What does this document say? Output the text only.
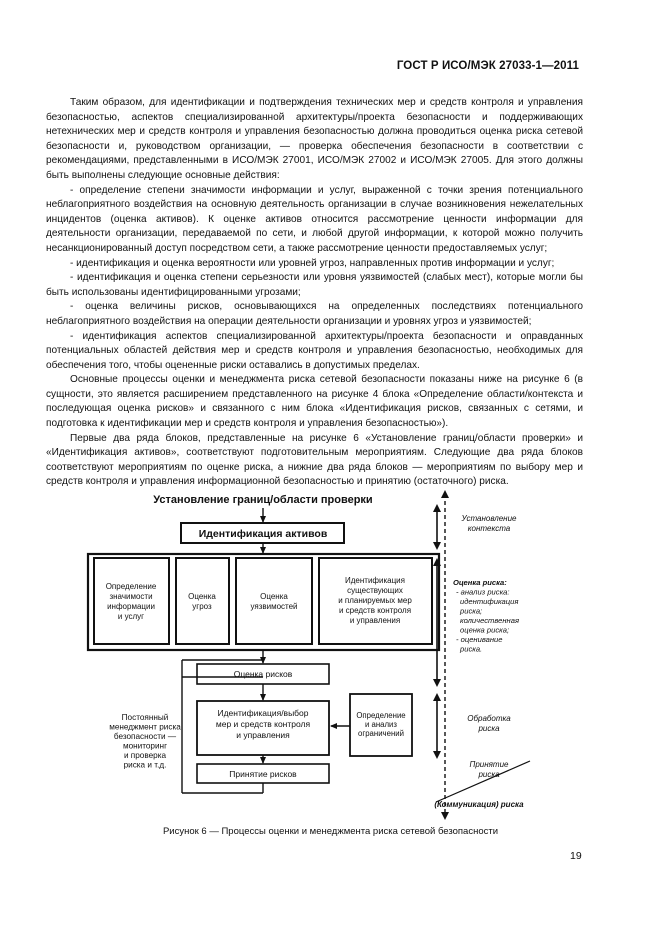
ГОСТ Р ИСО/МЭК 27033-1—2011

Таким образом, для идентификации и подтверждения технических мер и средств контроля и управления безопасностью, аспектов специализированной архитектуры/проекта безопасности и поддерживающих нетехнических мер и средств контроля и управления безопасностью должна проводиться оценка риска сетевой безопасности и, руководством организации, — проверка обеспечения безопасности в соответствии с рекомендациями, представленными в ИСО/МЭК 27001, ИСО/МЭК 27002 и ИСО/МЭК 27005. Для этого должны быть выполнены следующие основные действия:

- определение степени значимости информации и услуг, выраженной с точки зрения потенциального неблагоприятного воздействия на основную деятельность организации в случае возникновения нежелательных инцидентов (оценка активов). К оценке активов относится рассмотрение ценности информации для деятельности организации, передаваемой по сети, и любой другой информации, к которой можно получить несанкционированный доступ посредством сети, а также рассмотрение ценности предоставляемых услуг;

- идентификация и оценка вероятности или уровней угроз, направленных против информации и услуг;

- идентификация и оценка степени серьезности или уровня уязвимостей (слабых мест), которые могли бы быть использованы идентифицированными угрозами;

- оценка величины рисков, основывающихся на определенных последствиях потенциального неблагоприятного воздействия на операции деятельности организации и уровнях угроз и уязвимостей;

- идентификация аспектов специализированной архитектуры/проекта безопасности и оправданных потенциальных областей действия мер и средств контроля и управления безопасностью, необходимых для обеспечения того, чтобы оцененные риски оставались в допустимых пределах.

Основные процессы оценки и менеджмента риска сетевой безопасности показаны ниже на рисунке 6 (в сущности, это является расширением представленного на рисунке 4 блока «Определение области/контекста и последующая оценка рисков» и связанного с ним блока «Идентификация рисков, связанных с сетями, и подготовка к идентификации мер и средств контроля и управления безопасностью»).

Первые два ряда блоков, представленные на рисунке 6 «Установление границ/области проверки» и «Идентификация активов», соответствуют подготовительным мероприятиям. Следующие два ряда блоков соответствуют мероприятиям по оценке риска, а нижние два ряда блоков — мероприятиям по выбору мер и средств контроля и управления информационной безопасностью и принятию (остаточного) риска.

Установление границ/области проверки
Идентификация активов
Определение значимости информации и услуг
Оценка угроз
Оценка уязвимостей
Идентификация существующих и планируемых мер и средств контроля и управления
Оценка рисков
Идентификация/выбор мер и средств контроля и управления
Определение и анализ ограничений
Принятие рисков
Постоянный менеджмент риска безопасности — мониторинг и проверка риска и т.д.
Установление контекста
Оценка риска: - анализ риска: идентификация риска; количественная оценка риска; - оценивание риска.
Обработка риска
Принятие риска
(Коммуникация) риска
Рисунок 6 — Процессы оценки и менеджмента риска сетевой безопасности
19
